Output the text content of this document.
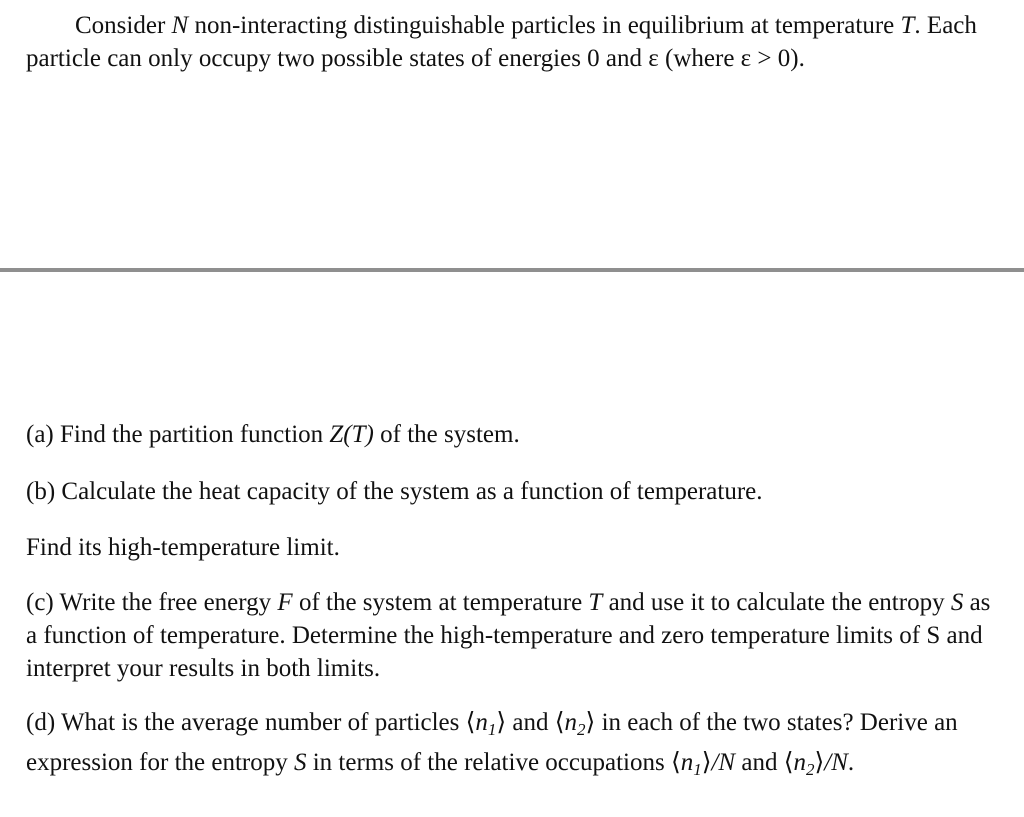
Consider N non-interacting distinguishable particles in equilibrium at temperature T. Each particle can only occupy two possible states of energies 0 and ε (where ε > 0).

(a) Find the partition function Z(T) of the system.

(b) Calculate the heat capacity of the system as a function of temperature.

Find its high-temperature limit.

(c) Write the free energy F of the system at temperature T and use it to calculate the entropy S as a function of temperature. Determine the high-temperature and zero temperature limits of S and interpret your results in both limits.

(d) What is the average number of particles $⟨n_1⟩$ and $⟨n_2⟩$ in each of the two states? Derive an expression for the entropy S in terms of the relative occupations $⟨n_1⟩/N$ and $⟨n_2⟩/N$.
